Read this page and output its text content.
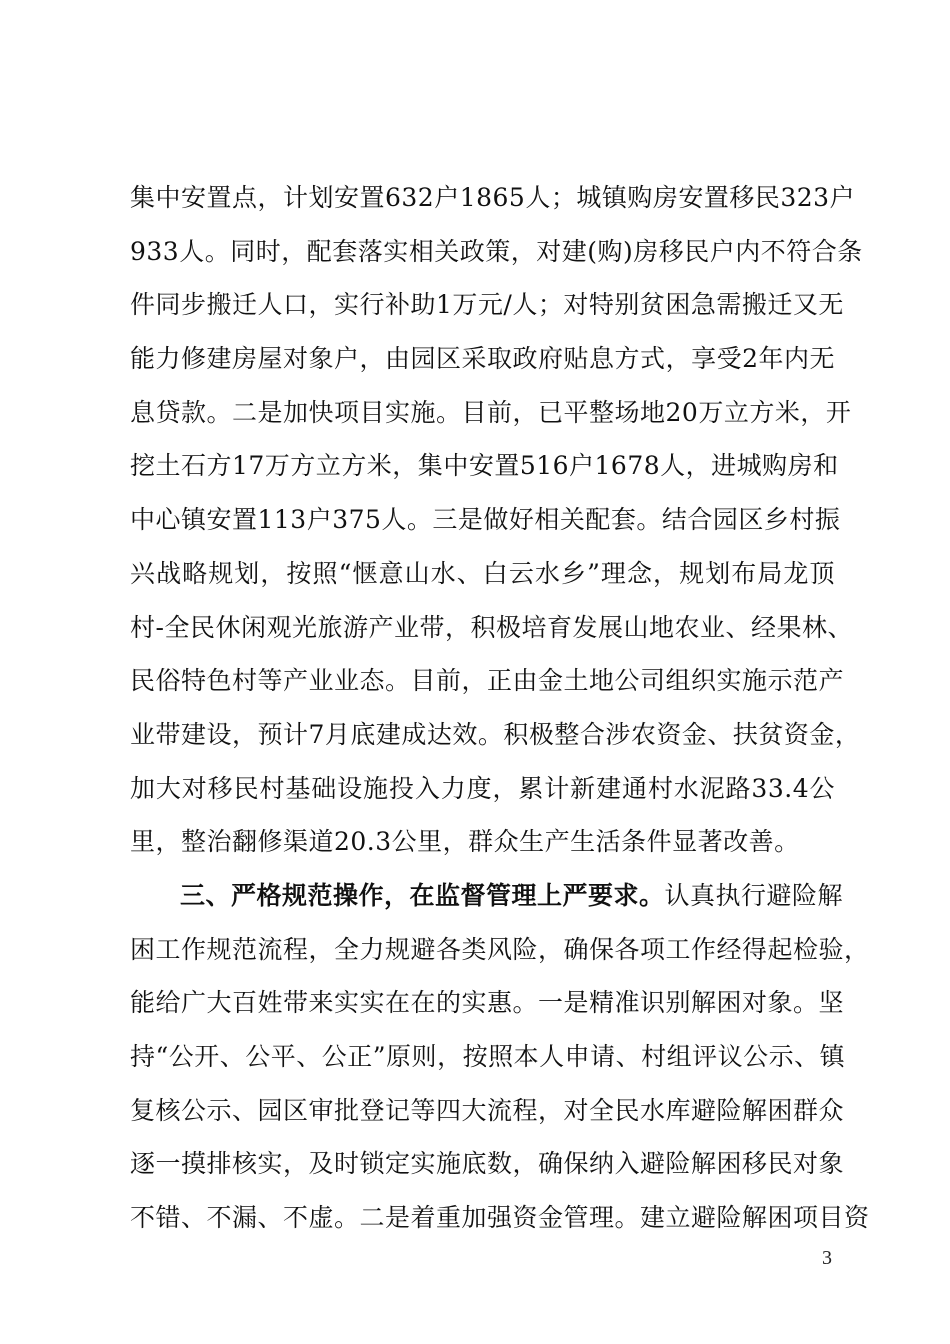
集中安置点，计划安置632户1865人；城镇购房安置移民323户
933人。同时，配套落实相关政策，对建(购)房移民户内不符合条
件同步搬迁人口，实行补助1万元/人；对特别贫困急需搬迁又无
能力修建房屋对象户，由园区采取政府贴息方式，享受2年内无
息贷款。二是加快项目实施。目前，已平整场地20万立方米，开
挖土石方17万方立方米，集中安置516户1678人，进城购房和
中心镇安置113户375人。三是做好相关配套。结合园区乡村振
兴战略规划，按照“惬意山水、白云水乡”理念，规划布局龙顶
村-全民休闲观光旅游产业带，积极培育发展山地农业、经果林、
民俗特色村等产业业态。目前，正由金土地公司组织实施示范产
业带建设，预计7月底建成达效。积极整合涉农资金、扶贫资金，
加大对移民村基础设施投入力度，累计新建通村水泥路33.4公
里，整治翻修渠道20.3公里，群众生产生活条件显著改善。
三、严格规范操作，在监督管理上严要求。认真执行避险解
困工作规范流程，全力规避各类风险，确保各项工作经得起检验，
能给广大百姓带来实实在在的实惠。一是精准识别解困对象。坚
持“公开、公平、公正”原则，按照本人申请、村组评议公示、镇
复核公示、园区审批登记等四大流程，对全民水库避险解困群众
逐一摸排核实，及时锁定实施底数，确保纳入避险解困移民对象
不错、不漏、不虚。二是着重加强资金管理。建立避险解困项目资
3
